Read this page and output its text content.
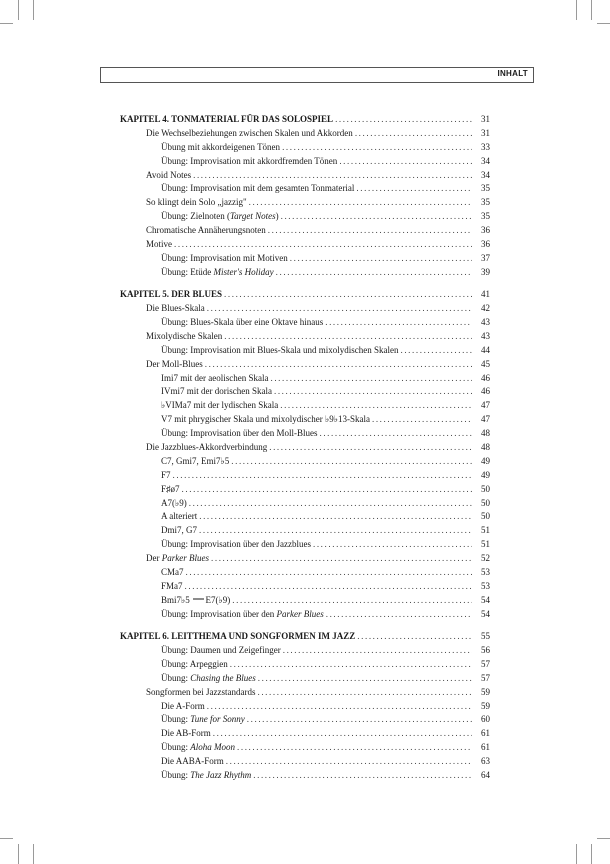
INHALT
KAPITEL 4. TONMATERIAL FÜR DAS SOLOSPIEL .....	31
Die Wechselbeziehungen zwischen Skalen und Akkorden .....	31
Übung mit akkordeigenen Tönen .....	33
Übung: Improvisation mit akkordfremden Tönen .....	34
Avoid Notes .....	34
Übung: Improvisation mit dem gesamten Tonmaterial .....	35
So klingt dein Solo „jazzig" .....	35
Übung: Zielnoten (Target Notes) .....	35
Chromatische Annäherungsnoten .....	36
Motive .....	36
Übung: Improvisation mit Motiven .....	37
Übung: Etüde Mister's Holiday .....	39
KAPITEL 5. DER BLUES .....	41
Die Blues-Skala .....	42
Übung: Blues-Skala über eine Oktave hinaus .....	43
Mixolydische Skalen .....	43
Übung: Improvisation mit Blues-Skala und mixolydischen Skalen .....	44
Der Moll-Blues .....	45
Imi7 mit der aeolischen Skala .....	46
IVmi7 mit der dorischen Skala .....	46
♭VIMa7 mit der lydischen Skala .....	47
V7 mit phrygischer Skala und mixolydischer ♭9♭13-Skala .....	47
Übung: Improvisation über den Moll-Blues .....	48
Die Jazzblues-Akkordverbindung .....	48
C7, Gmi7, Emi7♭5 .....	49
F7 .....	49
F♯ø7 .....	50
A7(♭9) .....	50
A alteriert .....	50
Dmi7, G7 .....	51
Übung: Improvisation über den Jazzblues .....	51
Der Parker Blues .....	52
CMa7 .....	53
FMa7 .....	53
Bmi7♭5 E7(♭9) .....	54
Übung: Improvisation über den Parker Blues .....	54
KAPITEL 6. LEITTHEMA UND SONGFORMEN IM JAZZ .....	55
Übung: Daumen und Zeigefinger .....	56
Übung: Arpeggien .....	57
Übung: Chasing the Blues .....	57
Songformen bei Jazzstandards .....	59
Die A-Form .....	59
Übung: Tune for Sonny .....	60
Die AB-Form .....	61
Übung: Aloha Moon .....	61
Die AABA-Form .....	63
Übung: The Jazz Rhythm .....	64
